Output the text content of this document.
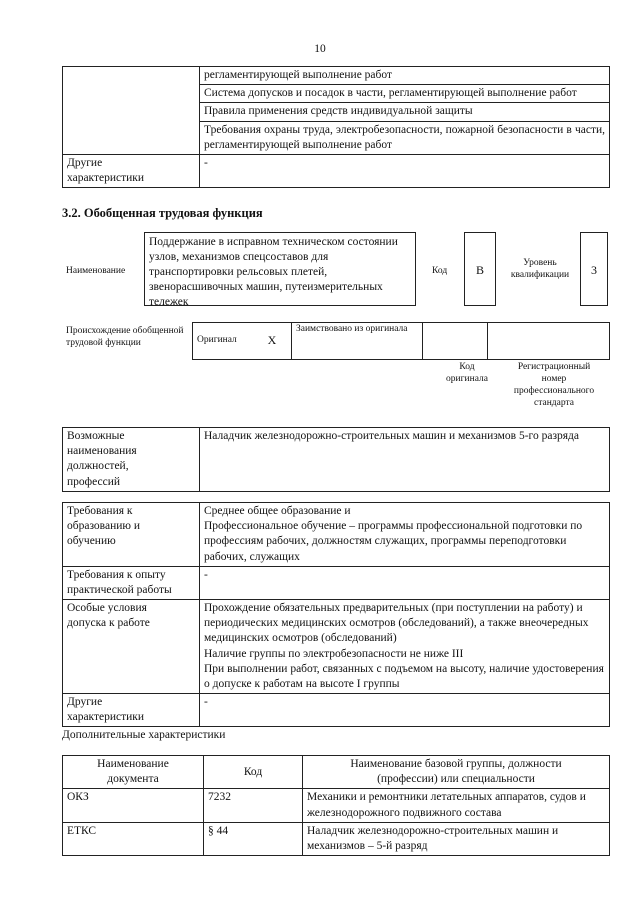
10
	регламентирующей выполнение работ
	Система допусков и посадок в части, регламентирующей выполнение работ
	Правила применения средств индивидуальной защиты
	Требования охраны труда, электробезопасности, пожарной безопасности в части, регламентирующей выполнение работ
Другие
характеристики	-
3.2. Обобщенная трудовая функция
Наименование
Поддержание в исправном техническом состоянии узлов, механизмов спецсоставов для транспортировки рельсовых плетей, звенорасшивочных машин, путеизмерительных тележек
Код	В	Уровень квалификации	3
Происхождение обобщенной трудовой функции	Оригинал	X	Заимствовано из оригинала		
Код
оригинала
Регистрационный
номер
профессионального
стандарта
Возможные
наименования
должностей,
профессий	Наладчик железнодорожно-строительных машин и механизмов 5-го разряда
Требования к
образованию и
обучению	Среднее общее образование и
Профессиональное обучение – программы профессиональной подготовки по профессиям рабочих, должностям служащих, программы переподготовки рабочих, служащих
Требования к опыту
практической работы	-
Особые условия
допуска к работе	Прохождение обязательных предварительных (при поступлении на работу) и периодических медицинских осмотров (обследований), а также внеочередных медицинских осмотров (обследований)
Наличие группы по электробезопасности не ниже III
При выполнении работ, связанных с подъемом на высоту, наличие удостоверения о допуске к работам на высоте I группы
Другие
характеристики	-
Дополнительные характеристики
Наименование
документа	Код	Наименование базовой группы, должности
(профессии) или специальности
ОКЗ	7232	Механики и ремонтники летательных аппаратов, судов и железнодорожного подвижного состава
ЕТКС	§ 44	Наладчик железнодорожно-строительных машин и механизмов – 5-й разряд
